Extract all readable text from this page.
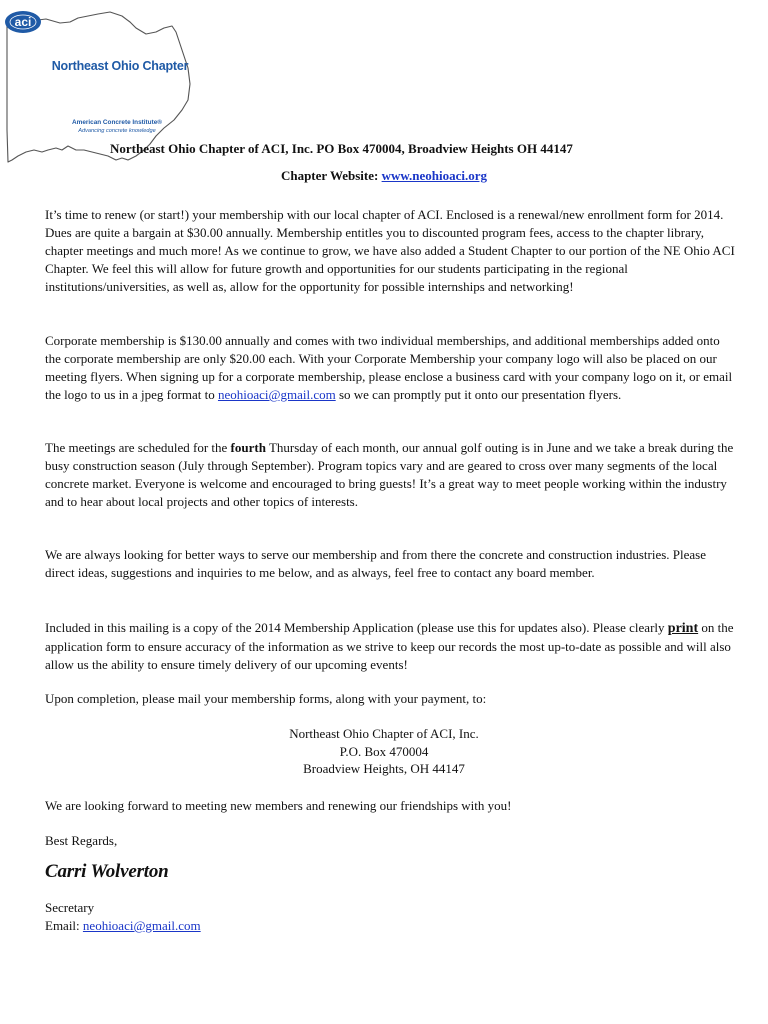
Northeast Ohio Chapter
aci
American Concrete Institute®
Advancing concrete knowledge
Northeast Ohio Chapter of ACI, Inc. PO Box 470004, Broadview Heights OH 44147
Chapter Website: www.neohioaci.org
It’s time to renew (or start!) your membership with our local chapter of ACI. Enclosed is a renewal/new enrollment form for 2014. Dues are quite a bargain at $30.00 annually. Membership entitles you to discounted program fees, access to the chapter library, chapter meetings and much more! As we continue to grow, we have also added a Student Chapter to our portion of the NE Ohio ACI Chapter. We feel this will allow for future growth and opportunities for our students participating in the regional institutions/universities, as well as, allow for the opportunity for possible internships and networking!
Corporate membership is $130.00 annually and comes with two individual memberships, and additional memberships added onto the corporate membership are only $20.00 each. With your Corporate Membership your company logo will also be placed on our meeting flyers. When signing up for a corporate membership, please enclose a business card with your company logo on it, or email the logo to us in a jpeg format to neohioaci@gmail.com so we can promptly put it onto our presentation flyers.
The meetings are scheduled for the fourth Thursday of each month, our annual golf outing is in June and we take a break during the busy construction season (July through September). Program topics vary and are geared to cross over many segments of the local concrete market. Everyone is welcome and encouraged to bring guests! It’s a great way to meet people working within the industry and to hear about local projects and other topics of interests.
We are always looking for better ways to serve our membership and from there the concrete and construction industries. Please direct ideas, suggestions and inquiries to me below, and as always, feel free to contact any board member.
Included in this mailing is a copy of the 2014 Membership Application (please use this for updates also). Please clearly print on the application form to ensure accuracy of the information as we strive to keep our records the most up-to-date as possible and will also allow us the ability to ensure timely delivery of our upcoming events!
Upon completion, please mail your membership forms, along with your payment, to:
Northeast Ohio Chapter of ACI, Inc.
P.O. Box 470004
Broadview Heights, OH 44147
We are looking forward to meeting new members and renewing our friendships with you!
Best Regards,
Carri Wolverton
Secretary
Email: neohioaci@gmail.com
